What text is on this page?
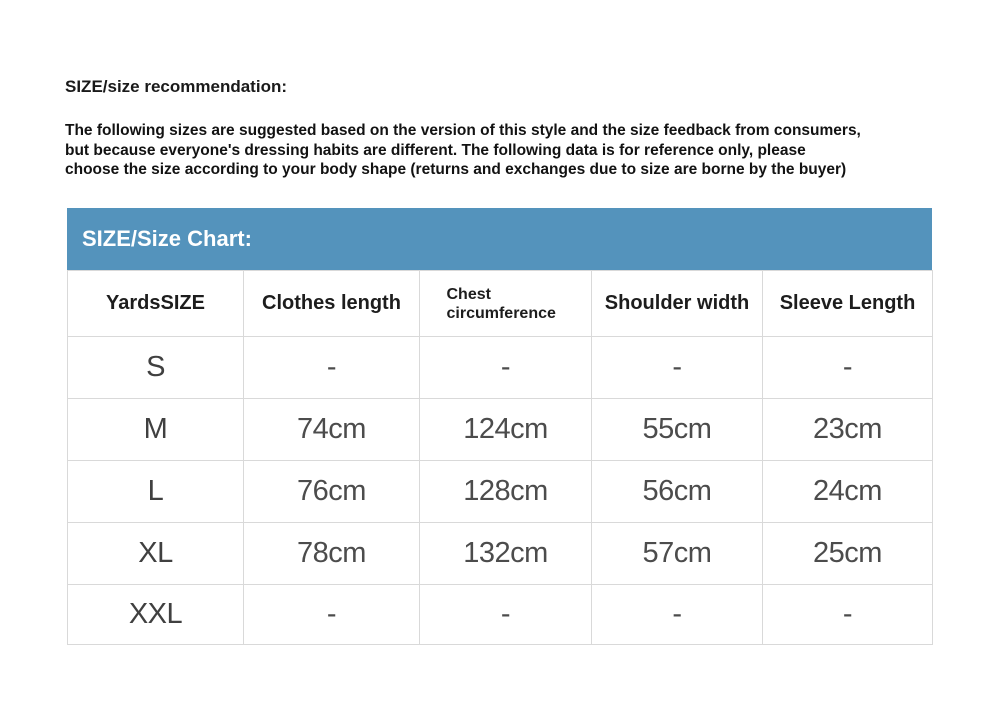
SIZE/size recommendation:
The following sizes are suggested based on the version of this style and the size feedback from consumers,
but because everyone's dressing habits are different. The following data is for reference only, please
choose the size according to your body shape (returns and exchanges due to size are borne by the buyer)
SIZE/Size Chart:
YardsSIZE	Clothes length	Chest circumference	Shoulder width	Sleeve Length
S	-	-	-	-
M	74cm	124cm	55cm	23cm
L	76cm	128cm	56cm	24cm
XL	78cm	132cm	57cm	25cm
XXL	-	-	-	-
